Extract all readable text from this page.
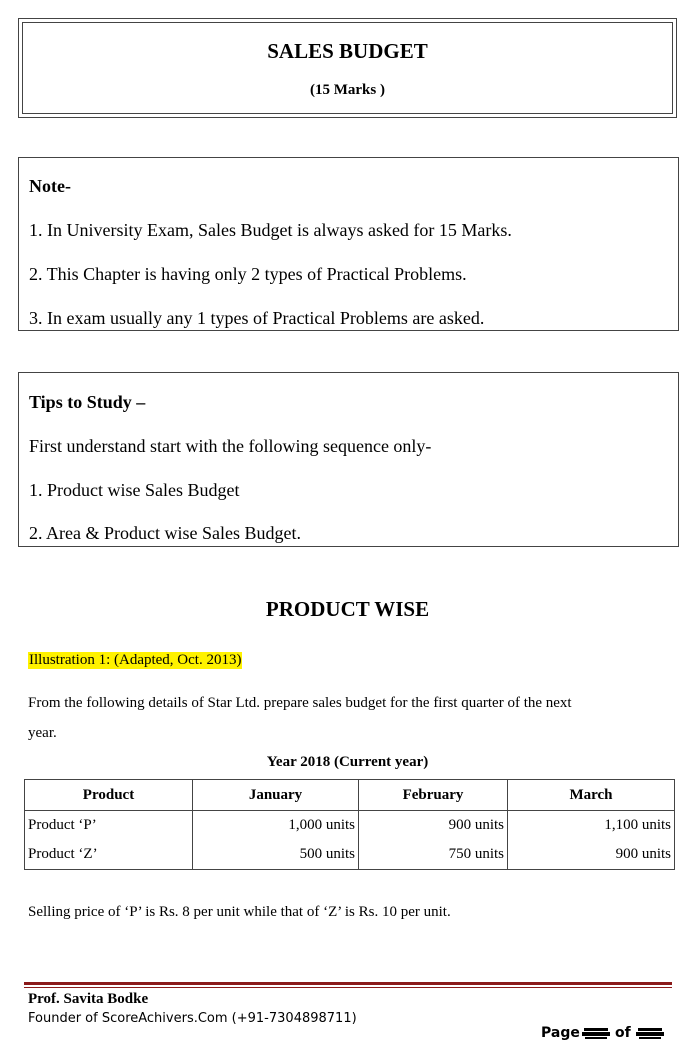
SALES BUDGET
(15 Marks )
Note-
1. In University Exam, Sales Budget is always asked for 15 Marks.
2. This Chapter is having only 2 types of Practical Problems.
3. In exam usually any 1 types of Practical Problems are asked.
Tips to Study –
First understand start with the following sequence only-
1. Product wise Sales Budget
2. Area & Product wise Sales Budget.
PRODUCT WISE
Illustration 1: (Adapted, Oct. 2013)
From the following details of Star Ltd. prepare sales budget for the first quarter of the next
year.
Year 2018 (Current year)
Product	January	February	March
Product ‘P’	1,000 units	900 units	1,100 units
Product ‘Z’	500 units	750 units	900 units
Selling price of ‘P’ is Rs. 8 per unit while that of ‘Z’ is Rs. 10 per unit.
Prof. Savita Bodke
Founder of ScoreAchivers.Com (+91-7304898711)
Page	of
